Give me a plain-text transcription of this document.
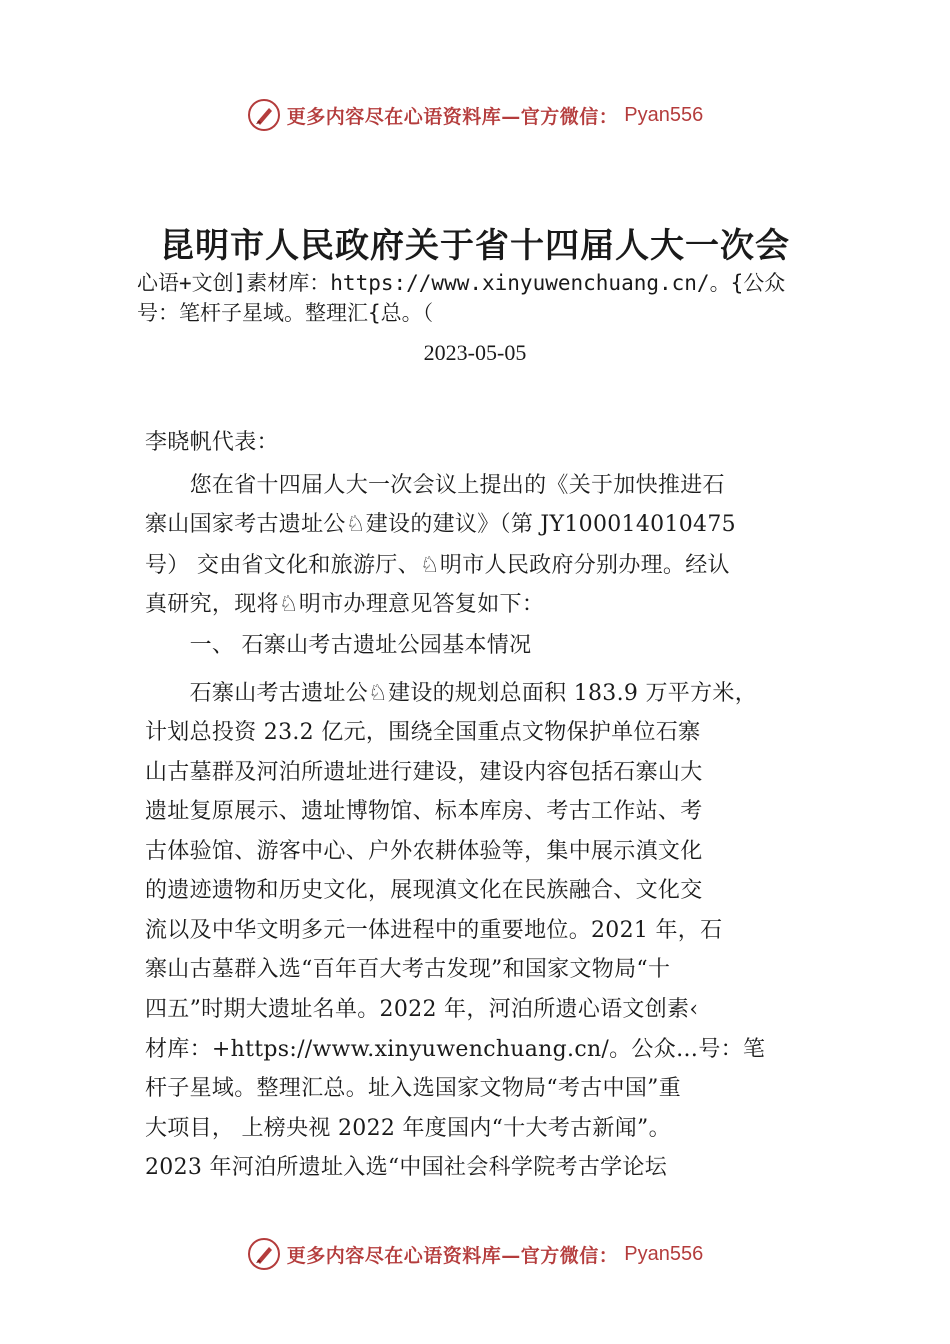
更多内容尽在心语资料库—官方微信： Pyan556
昆明市人民政府关于省十四届人大一次会
心语+文创]素材库：https://www.xinyuwenchuang.cn/。{公众
号：笔杆子星域。整理汇{总。（
2023-05-05
李晓帆代表：
　　您在省十四届人大一次会议上提出的《关于加快推进石
寨山国家考古遗址公♘建设的建议》（第 JY100014010475
号） 交由省文化和旅游厅、♘明市人民政府分别办理。经认
真研究，现将♘明市办理意见答复如下：
　　一、 石寨山考古遗址公园基本情况
　　石寨山考古遗址公♘建设的规划总面积 183.9 万平方米，
计划总投资 23.2 亿元，围绕全国重点文物保护单位石寨
山古墓群及河泊所遗址进行建设，建设内容包括石寨山大
遗址复原展示、遗址博物馆、标本库房、考古工作站、考
古体验馆、游客中心、户外农耕体验等，集中展示滇文化
的遗迹遗物和历史文化，展现滇文化在民族融合、文化交
流以及中华文明多元一体进程中的重要地位。2021 年，石
寨山古墓群入选“百年百大考古发现”和国家文物局“十
四五”时期大遗址名单。2022 年，河泊所遗心语文创素‹
材库：+https://www.xinyuwenchuang.cn/。公众…号：笔
杆子星域。整理汇总。址入选国家文物局“考古中国”重
大项目， 上榜央视 2022 年度国内“十大考古新闻”。
2023 年河泊所遗址入选“中国社会科学院考古学论坛
更多内容尽在心语资料库—官方微信： Pyan556
